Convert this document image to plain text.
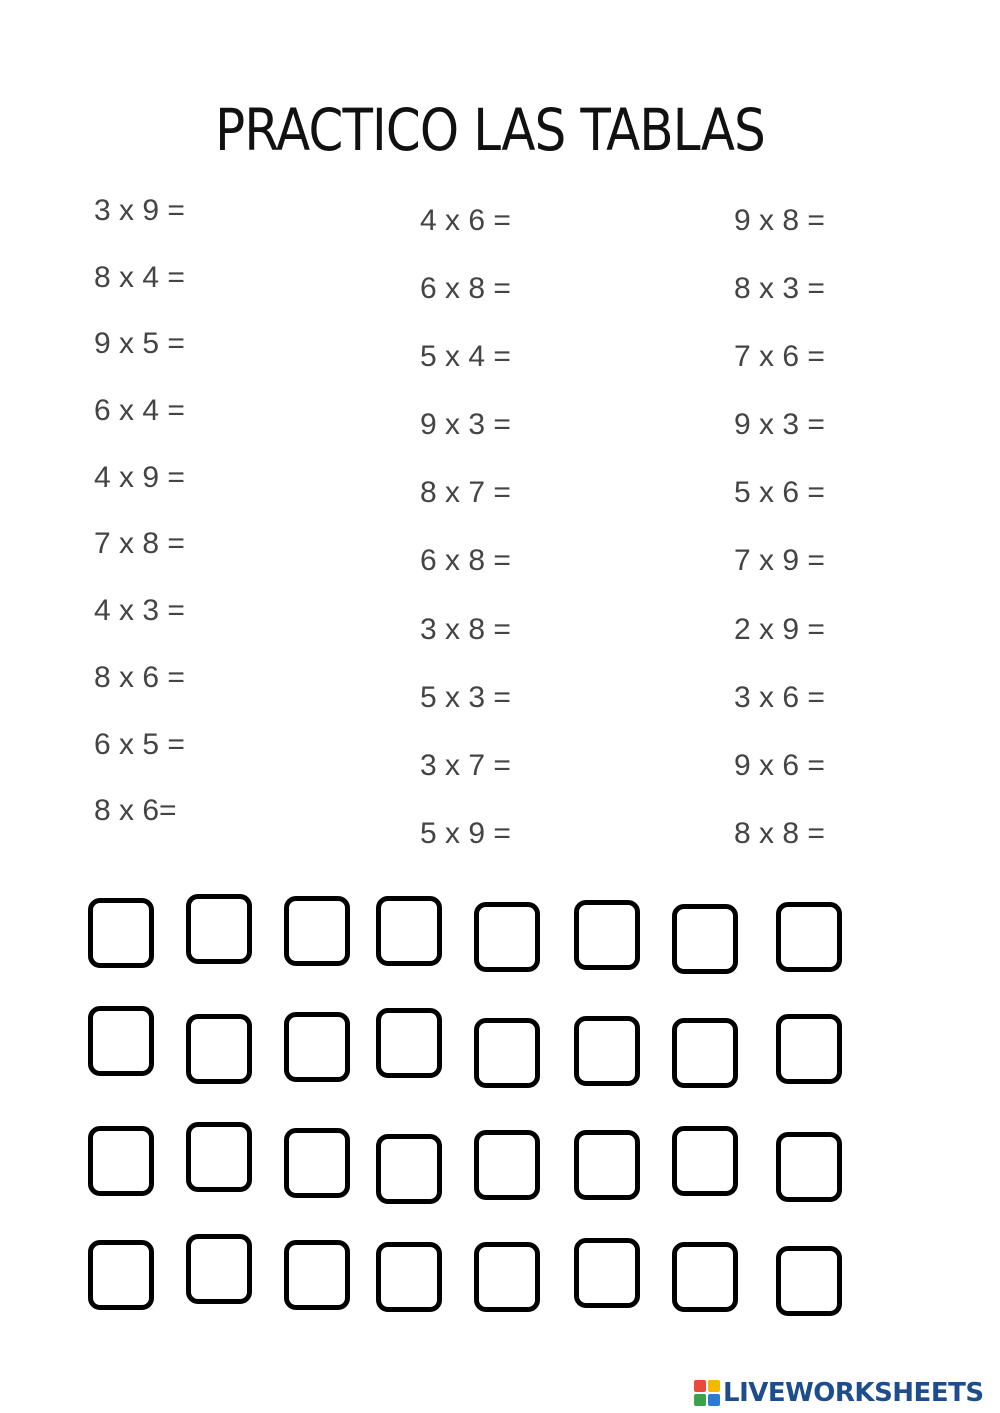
PRACTICO LAS TABLAS
3 x 9 =
8 x 4 =
9 x 5 =
6 x 4 =
4 x 9 =
7 x 8 =
4 x 3 =
8 x 6 =
6 x 5 =
8 x 6=
4 x 6 =
6 x 8 =
5 x 4 =
9 x 3 =
8 x 7 =
6 x 8 =
3 x 8 =
5 x 3 =
3 x 7 =
5 x 9 =
9 x 8 =
8 x 3 =
7 x 6 =
9 x 3 =
5 x 6 =
7 x 9 =
2 x 9 =
3 x 6 =
9 x 6 =
8 x 8 =
LIVEWORKSHEETS
